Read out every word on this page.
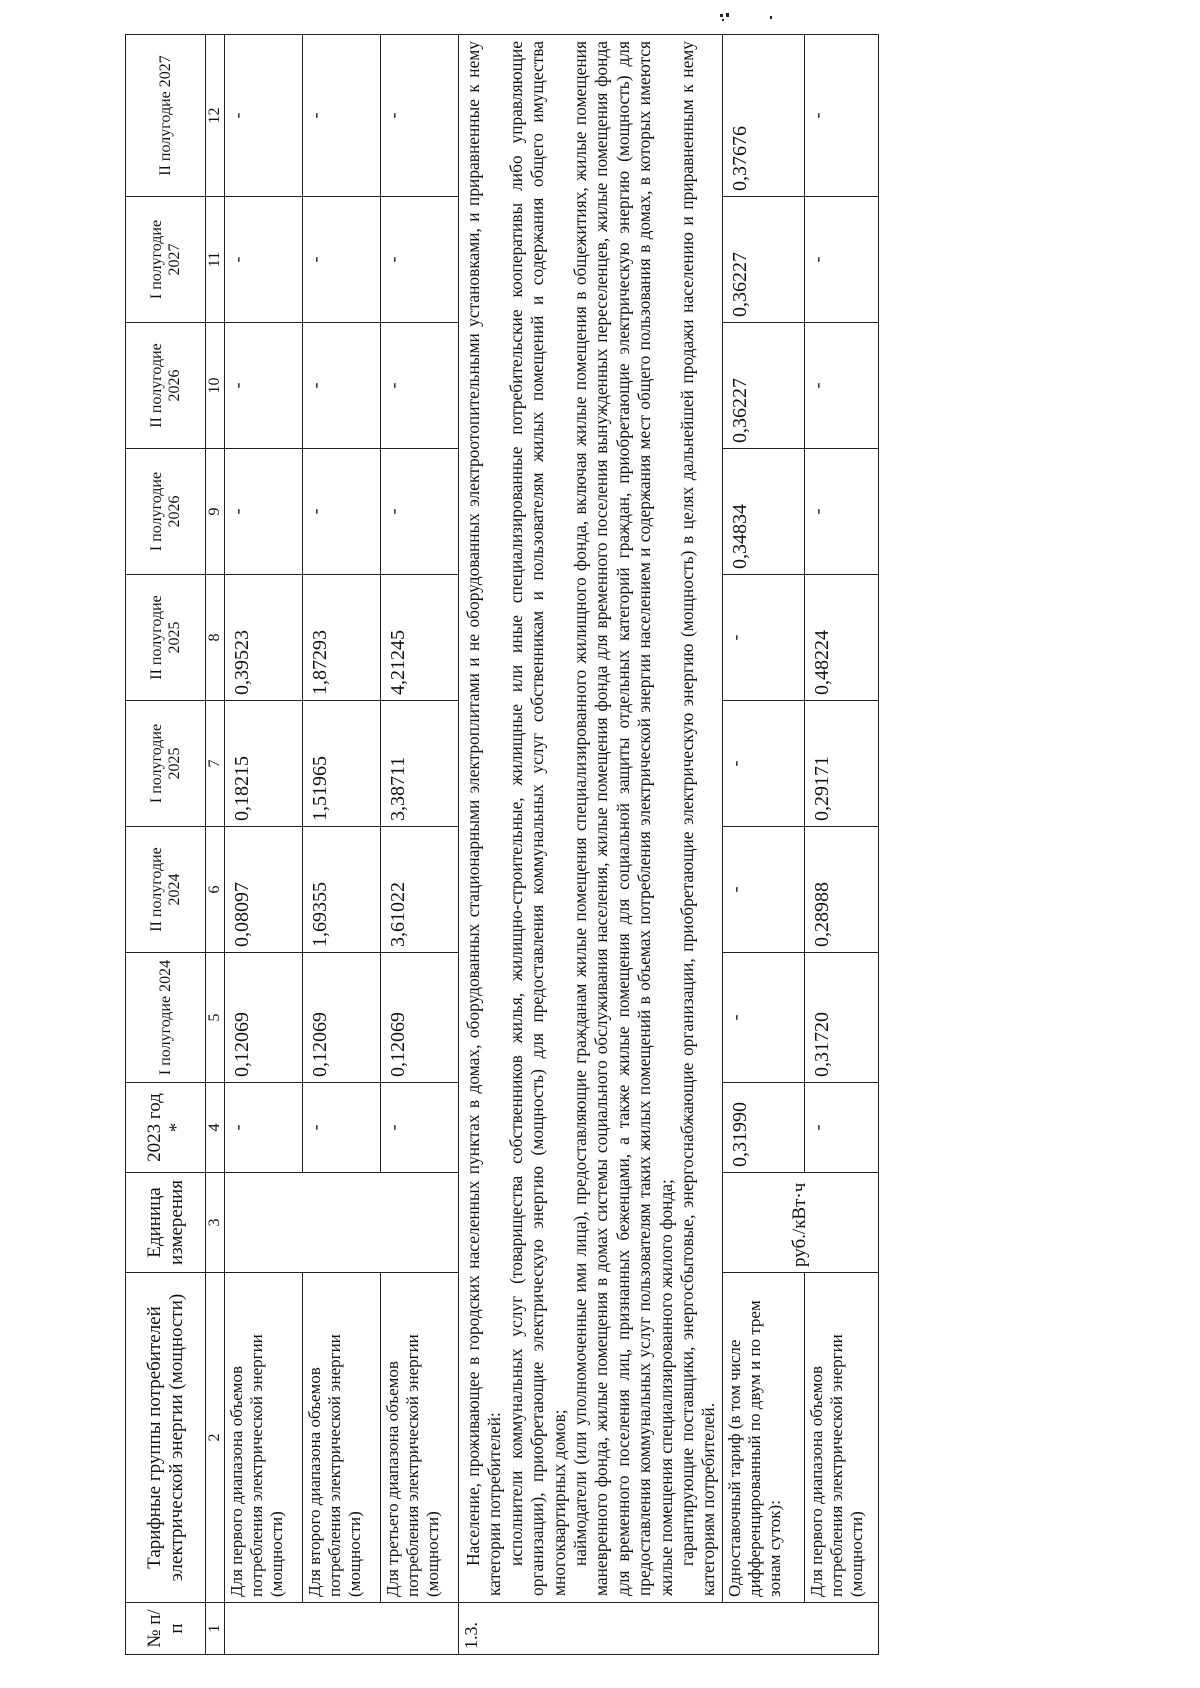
№ п/п	Тарифные группы потребителей электрической энергии (мощности)	Единица измерения	2023 год *	I полугодие 2024	II полугодие 2024	I полугодие 2025	II полугодие 2025	I полугодие 2026	II полугодие 2026	I полугодие 2027	II полугодие 2027
1	2	3	4	5	6	7	8	9	10	11	12
	Для первого диапазона объемов потребления электрической энергии (мощности)		-	0,12069	0,08097	0,18215	0,39523	-	-	-	-
	Для второго диапазона объемов потребления электрической энергии (мощности)		-	0,12069	1,69355	1,51965	1,87293	-	-	-	-
	Для третьего диапазона объемов потребления электрической энергии (мощности)		-	0,12069	3,61022	3,38711	4,21245	-	-	-	-
1.3.	Население, проживающее в городских населенных пунктах в домах, оборудованных стационарными электроплитами и не оборудованных электроотопительными установками, и приравненные к нему категории потребителей: исполнители коммунальных услуг (товарищества собственников жилья, жилищно-строительные, жилищные или иные специализированные потребительские кооперативы либо управляющие организации), приобретающие электрическую энергию (мощность) для предоставления коммунальных услуг собственникам и пользователям жилых помещений и содержания общего имущества многоквартирных домов; наймодатели (или уполномоченные ими лица), предоставляющие гражданам жилые помещения специализированного жилищного фонда, включая жилые помещения в общежитиях, жилые помещения маневренного фонда, жилые помещения в домах системы социального обслуживания населения, жилые помещения фонда для временного поселения вынужденных переселенцев, жилые помещения фонда для временного поселения лиц, признанных беженцами, а также жилые помещения для социальной защиты отдельных категорий граждан, приобретающие электрическую энергию (мощность) для предоставления коммунальных услуг пользователям таких жилых помещений в объемах потребления электрической энергии населением и содержания мест общего пользования в домах, в которых имеются жилые помещения специализированного жилого фонда; гарантирующие поставщики, энергосбытовые, энергоснабжающие организации, приобретающие электрическую энергию (мощность) в целях дальнейшей продажи населению и приравненным к нему категориям потребителей.										

	Одноставочный тариф (в том числе дифференцированный по двум и по трем зонам суток):	руб./кВт·ч	0,31990	-	-	-	-	0,34834	0,36227	0,36227	0,37676
	Для первого диапазона объемов потребления электрической энергии (мощности)		-	0,31720	0,28988	0,29171	0,48224	-	-	-	-
